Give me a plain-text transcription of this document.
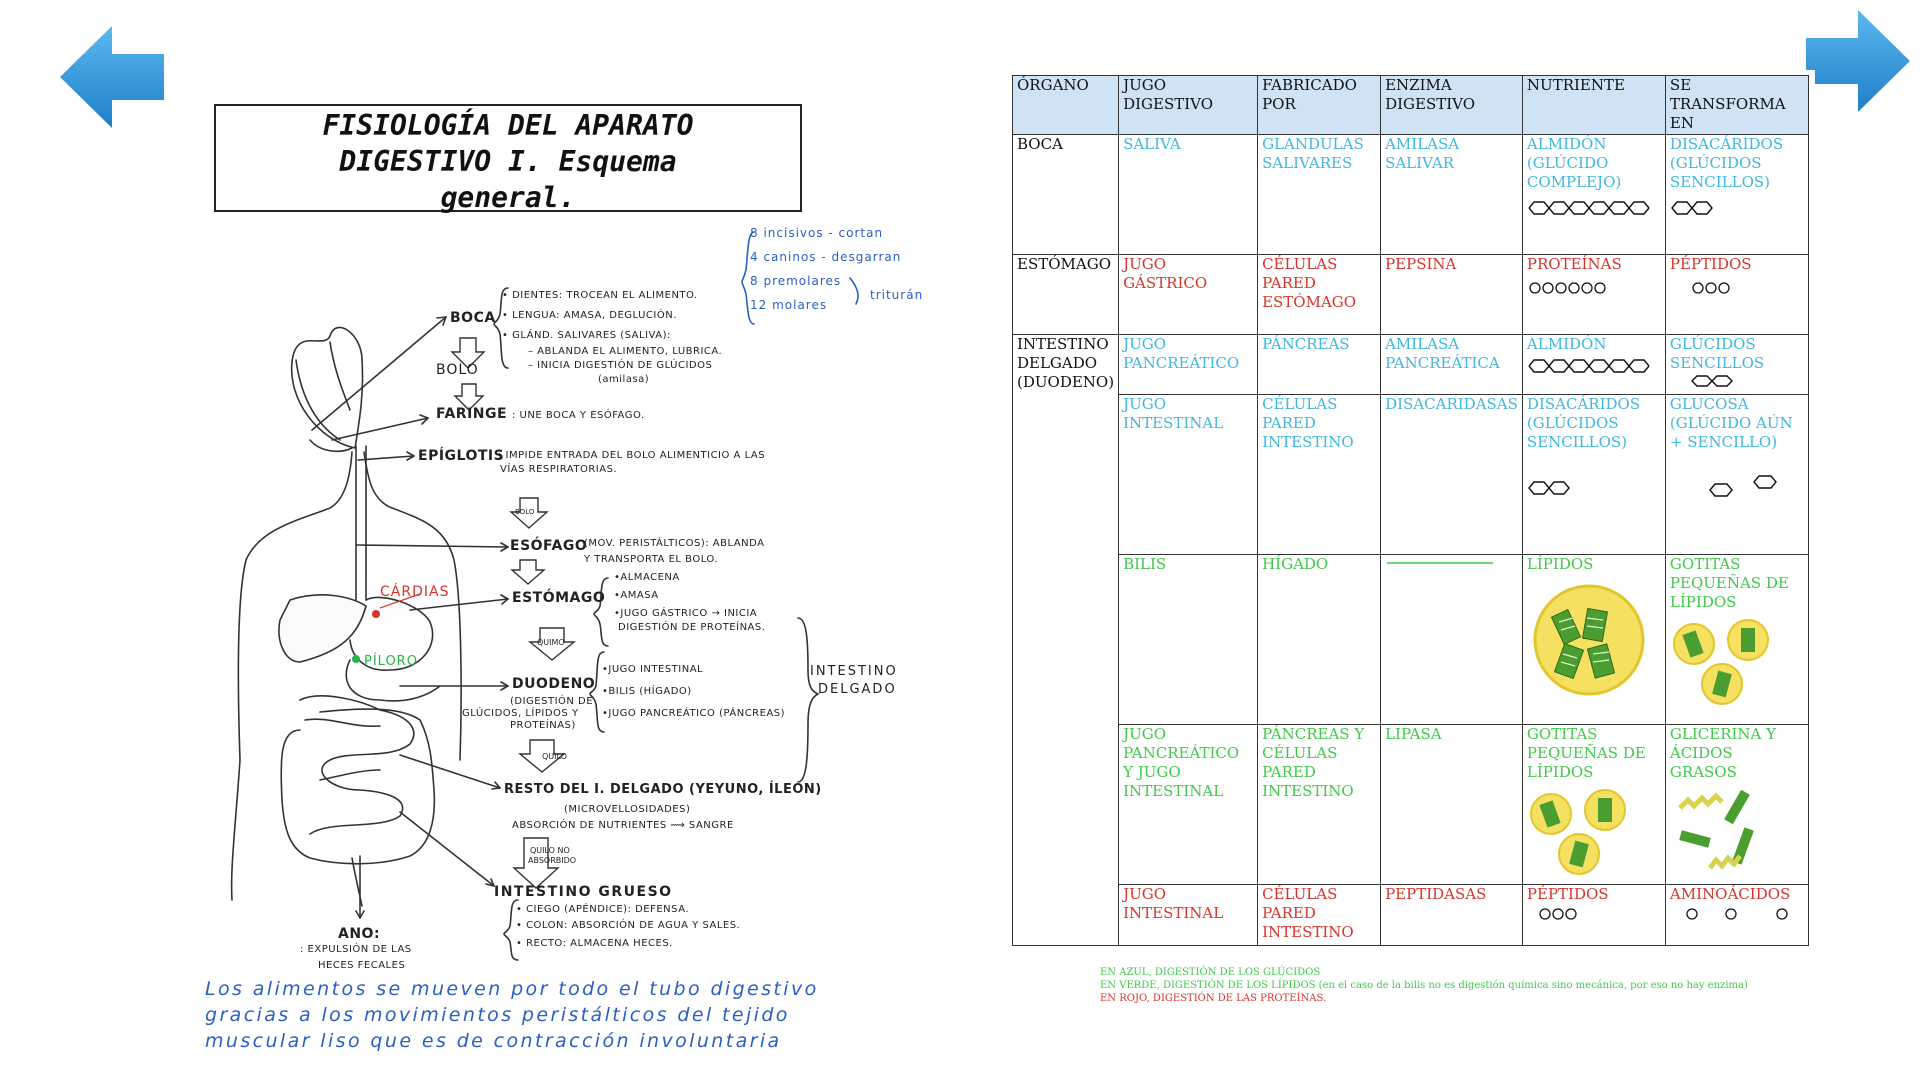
FISIOLOGÍA DEL APARATO
DIGESTIVO I. Esquema
general.
8 incisivos - cortan
4 caninos - desgarran
8 premolares
12 molares
triturán
BOCA
• DIENTES: TROCEAN EL ALIMENTO.
• LENGUA: AMASA, DEGLUCIÓN.
• GLÁND. SALIVARES (SALIVA):
– ABLANDA EL ALIMENTO, LUBRICA.
– INICIA DIGESTIÓN DE GLÚCIDOS
(amilasa)
BOLO
FARINGE : UNE BOCA Y ESÓFAGO.
EPÍGLOTIS
: IMPIDE ENTRADA DEL BOLO ALIMENTICIO A LAS
VÍAS RESPIRATORIAS.
BOLO
ESÓFAGO
(MOV. PERISTÁLTICOS): ABLANDA
Y TRANSPORTA EL BOLO.
ESTÓMAGO
•ALMACENA
•AMASA
•JUGO GÁSTRICO → INICIA
DIGESTIÓN DE PROTEÍNAS.
CÁRDIAS
PÍLORO
QUIMO
DUODENO
(DIGESTIÓN DE
GLÚCIDOS, LÍPIDOS Y
PROTEÍNAS)
•JUGO INTESTINAL
•BILIS (HÍGADO)
•JUGO PANCREÁTICO (PÁNCREAS)
QUILO
INTESTINO
DELGADO
RESTO DEL I. DELGADO (YEYUNO, ÍLEON)
(MICROVELLOSIDADES)
ABSORCIÓN DE NUTRIENTES ⟿ SANGRE
QUILO NO
ABSORBIDO
INTESTINO GRUESO
• CIEGO (APÉNDICE): DEFENSA.
• COLON: ABSORCIÓN DE AGUA Y SALES.
• RECTO: ALMACENA HECES.
ANO:
: EXPULSIÓN DE LAS
HECES FECALES
Los alimentos se mueven por todo el tubo digestivo
gracias a los movimientos peristálticos del tejido
muscular liso que es de contracción involuntaria
ÓRGANO	JUGO DIGESTIVO	FABRICADO POR	ENZIMA DIGESTIVO	NUTRIENTE	SE TRANSFORMA EN
BOCA	SALIVA	GLANDULAS SALIVARES	AMILASA SALIVAR	ALMIDÓN (GLÚCIDO COMPLEJO)	DISACÁRIDOS (GLÚCIDOS SENCILLOS)

ESTÓMAGO	JUGO GÁSTRICO	CÉLULAS PARED ESTÓMAGO	PEPSINA	PROTEÍNAS	PÉPTIDOS

INTESTINO DELGADO (DUODENO)	JUGO PANCREÁTICO	PÁNCREAS	AMILASA PANCREÁTICA	ALMIDÓN	GLÚCIDOS SENCILLOS

	JUGO INTESTINAL	CÉLULAS PARED INTESTINO	DISACARIDASAS	DISACÁRIDOS (GLÚCIDOS SENCILLOS)	GLUCOSA (GLÚCIDO AÚN + SENCILLO)

	BILIS	HÍGADO		LÍPIDOS	GOTITAS PEQUEÑAS DE LÍPIDOS

	JUGO PANCREÁTICO Y JUGO INTESTINAL	PÁNCREAS Y CÉLULAS PARED INTESTINO	LIPASA	GOTITAS PEQUEÑAS DE LÍPIDOS	GLICERINA Y ÁCIDOS GRASOS

	JUGO INTESTINAL	CÉLULAS PARED INTESTINO	PEPTIDASAS	PÉPTIDOS	AMINOÁCIDOS
EN AZUL, DIGESTIÓN DE LOS GLÚCIDOS
EN VERDE, DIGESTIÓN DE LOS LÍPIDOS (en el caso de la bilis no es digestión química sino mecánica, por eso no hay enzima)
EN ROJO, DIGESTIÓN DE LAS PROTEÍNAS.
